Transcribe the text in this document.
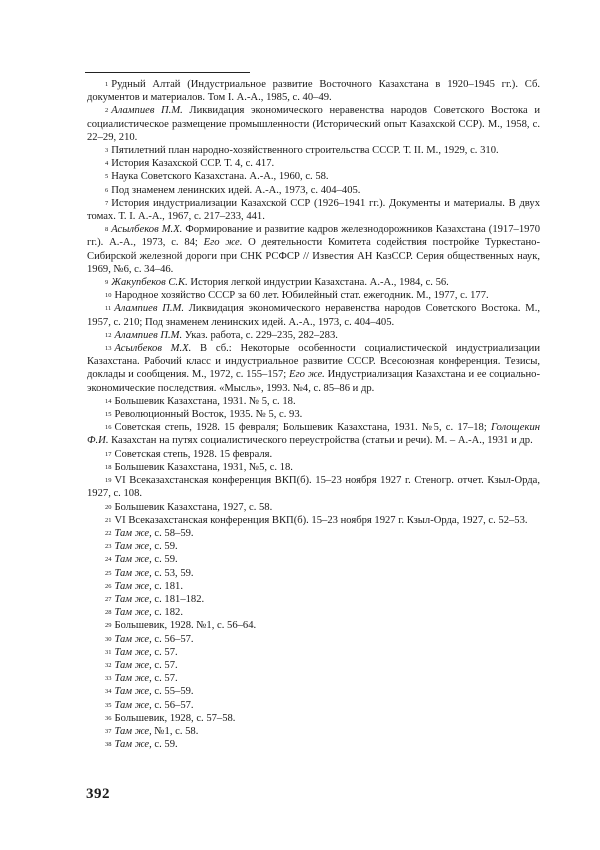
$^1$ Рудный Алтай (Индустриальное развитие Восточного Казахстана в 1920–1945 гг.). Сб. документов и материалов. Том I. А.-А., 1985, с. 40–49.

$^2$ Алампиев П.М. Ликвидация экономического неравенства народов Советского Востока и социалистическое размещение промышленности (Исторический опыт Казахской ССР). М., 1958, с. 22–29, 210.

$^3$ Пятилетний план народно-хозяйственного строительства СССР. Т. II. М., 1929, с. 310.

$^4$ История Казахской ССР. Т. 4, с. 417.

$^5$ Наука Советского Казахстана. А.-А., 1960, с. 58.

$^6$ Под знаменем ленинских идей. А.-А., 1973, с. 404–405.

$^7$ История индустриализации Казахской ССР (1926–1941 гг.). Документы и материалы. В двух томах. Т. I. А.-А., 1967, с. 217–233, 441.

$^8$ Асылбеков М.Х. Формирование и развитие кадров железнодорожников Казахстана (1917–1970 гг.). А.-А., 1973, с. 84; Его же. О деятельности Комитета содействия постройке Туркестано-Сибирской железной дороги при СНК РСФСР // Известия АН КазССР. Серия общественных наук, 1969, №6, с. 34–46.

$^9$ Жакупбеков С.К. История легкой индустрии Казахстана. А.-А., 1984, с. 56.

$^{10}$ Народное хозяйство СССР за 60 лет. Юбилейный стат. ежегодник. М., 1977, с. 177.

$^{11}$ Алампиев П.М. Ликвидация экономического неравенства народов Советского Востока. М., 1957, с. 210; Под знаменем ленинских идей. А.-А., 1973, с. 404–405.

$^{12}$ Алампиев П.М. Указ. работа, с. 229–235, 282–283.

$^{13}$ Асылбеков М.Х. В сб.: Некоторые особенности социалистической индустриализации Казахстана. Рабочий класс и индустриальное развитие СССР. Всесоюзная конференция. Тезисы, доклады и сообщения. М., 1972, с. 155–157; Его же. Индустриализация Казахстана и ее социально-экономические последствия. «Мысль», 1993. №4, с. 85–86 и др.

$^{14}$ Большевик Казахстана, 1931. № 5, с. 18.

$^{15}$ Революционный Восток, 1935. № 5, с. 93.

$^{16}$ Советская степь, 1928. 15 февраля; Большевик Казахстана, 1931. №5, с. 17–18; Голощекин Ф.И. Казахстан на путях социалистического переустройства (статьи и речи). М. – А.-А., 1931 и др.

$^{17}$ Советская степь, 1928. 15 февраля.

$^{18}$ Большевик Казахстана, 1931, №5, с. 18.

$^{19}$ VI Всеказахстанская конференция ВКП(б). 15–23 ноября 1927 г. Стеногр. отчет. Кзыл-Орда, 1927, с. 108.

$^{20}$ Большевик Казахстана, 1927, с. 58.

$^{21}$ VI Всеказахстанская конференция ВКП(б). 15–23 ноября 1927 г. Кзыл-Орда, 1927, с. 52–53.

$^{22}$ Там же, с. 58–59.

$^{23}$ Там же, с. 59.

$^{24}$ Там же, с. 59.

$^{25}$ Там же, с. 53, 59.

$^{26}$ Там же, с. 181.

$^{27}$ Там же, с. 181–182.

$^{28}$ Там же, с. 182.

$^{29}$ Большевик, 1928. №1, с. 56–64.

$^{30}$ Там же, с. 56–57.

$^{31}$ Там же, с. 57.

$^{32}$ Там же, с. 57.

$^{33}$ Там же, с. 57.

$^{34}$ Там же, с. 55–59.

$^{35}$ Там же, с. 56–57.

$^{36}$ Большевик, 1928, с. 57–58.

$^{37}$ Там же, №1, с. 58.

$^{38}$ Там же, с. 59.

392
